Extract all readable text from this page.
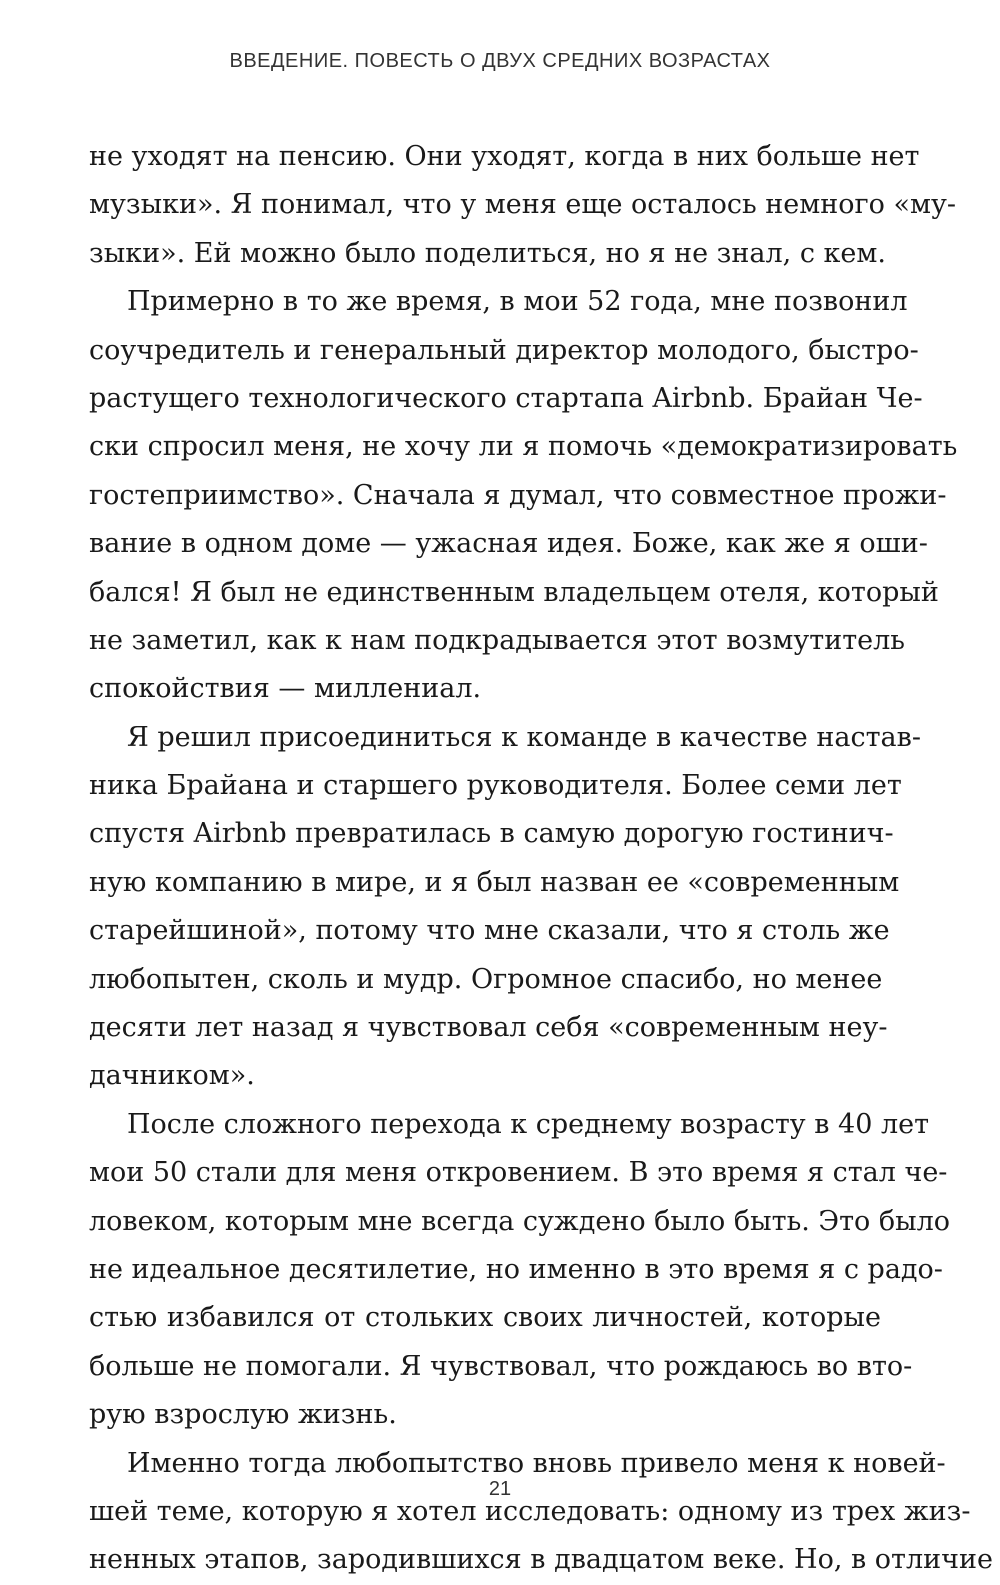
ВВЕДЕНИЕ. ПОВЕСТЬ О ДВУХ СРЕДНИХ ВОЗРАСТАХ
не уходят на пенсию. Они уходят, когда в них больше нет
музыки». Я понимал, что у меня еще осталось немного «му-
зыки». Ей можно было поделиться, но я не знал, с кем.
Примерно в то же время, в мои 52 года, мне позвонил
соучредитель и генеральный директор молодого, быстро-
растущего технологического стартапа Airbnb. Брайан Че-
ски спросил меня, не хочу ли я помочь «демократизировать
гостеприимство». Сначала я думал, что совместное прожи-
вание в одном доме — ужасная идея. Боже, как же я оши-
бался! Я был не единственным владельцем отеля, который
не заметил, как к нам подкрадывается этот возмутитель
спокойствия — миллениал.
Я решил присоединиться к команде в качестве настав-
ника Брайана и старшего руководителя. Более семи лет
спустя Airbnb превратилась в самую дорогую гостинич-
ную компанию в мире, и я был назван ее «современным
старейшиной», потому что мне сказали, что я столь же
любопытен, сколь и мудр. Огромное спасибо, но менее
десяти лет назад я чувствовал себя «современным неу-
дачником».
После сложного перехода к среднему возрасту в 40 лет
мои 50 стали для меня откровением. В это время я стал че-
ловеком, которым мне всегда суждено было быть. Это было
не идеальное десятилетие, но именно в это время я с радо-
стью избавился от стольких своих личностей, которые
больше не помогали. Я чувствовал, что рождаюсь во вто-
рую взрослую жизнь.
Именно тогда любопытство вновь привело меня к новей-
шей теме, которую я хотел исследовать: одному из трех жиз-
ненных этапов, зародившихся в двадцатом веке. Но, в отличие
21
